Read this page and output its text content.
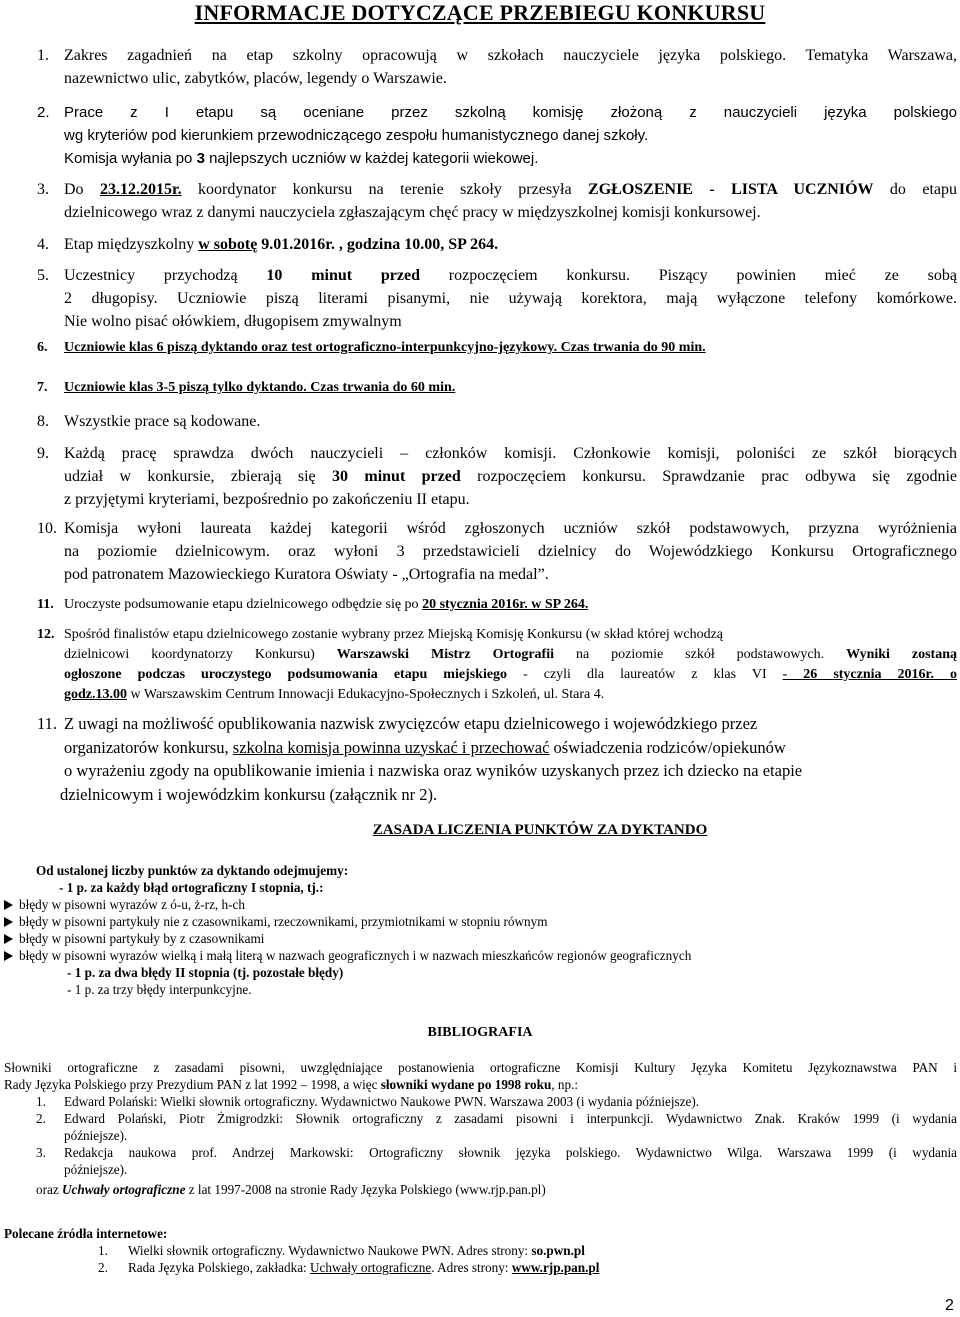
INFORMACJE DOTYCZĄCE PRZEBIEGU KONKURSU
1. Zakres zagadnień na etap szkolny opracowują w szkołach nauczyciele języka polskiego. Tematyka Warszawa,
nazewnictwo ulic, zabytków, placów, legendy o Warszawie.
2. Prace z I etapu są oceniane przez szkolną komisję złożoną z nauczycieli języka polskiego
wg kryteriów pod kierunkiem przewodniczącego zespołu humanistycznego danej szkoły.
Komisja wyłania po 3 najlepszych uczniów w każdej kategorii wiekowej.
3. Do 23.12.2015r. koordynator konkursu na terenie szkoły przesyła ZGŁOSZENIE - LISTA UCZNIÓW do etapu
dzielnicowego wraz z danymi nauczyciela zgłaszającym chęć pracy w międzyszkolnej komisji konkursowej.
4. Etap międzyszkolny w sobotę 9.01.2016r. , godzina 10.00, SP 264.
5. Uczestnicy przychodzą 10 minut przed rozpoczęciem konkursu. Piszący powinien mieć ze sobą
2 długopisy. Uczniowie piszą literami pisanymi, nie używają korektora, mają wyłączone telefony komórkowe.
Nie wolno pisać ołówkiem, długopisem zmywalnym
6. Uczniowie klas 6 piszą dyktando oraz test ortograficzno-interpunkcyjno-językowy. Czas trwania do 90 min.
7. Uczniowie klas 3-5 piszą tylko dyktando. Czas trwania do 60 min.
8. Wszystkie prace są kodowane.
9. Każdą pracę sprawdza dwóch nauczycieli – członków komisji. Członkowie komisji, poloniści ze szkół biorących
udział w konkursie, zbierają się 30 minut przed rozpoczęciem konkursu. Sprawdzanie prac odbywa się zgodnie
z przyjętymi kryteriami, bezpośrednio po zakończeniu II etapu.
10. Komisja wyłoni laureata każdej kategorii wśród zgłoszonych uczniów szkół podstawowych, przyzna wyróżnienia
na poziomie dzielnicowym. oraz wyłoni 3 przedstawicieli dzielnicy do Wojewódzkiego Konkursu Ortograficznego
pod patronatem Mazowieckiego Kuratora Oświaty - „Ortografia na medal”.
11. Uroczyste podsumowanie etapu dzielnicowego odbędzie się po 20 stycznia 2016r. w SP 264.
12. Spośród finalistów etapu dzielnicowego zostanie wybrany przez Miejską Komisję Konkursu (w skład której wchodzą
dzielnicowi koordynatorzy Konkursu) Warszawski Mistrz Ortografii na poziomie szkół podstawowych. Wyniki zostaną
ogłoszone podczas uroczystego podsumowania etapu miejskiego - czyli dla laureatów z klas VI - 26 stycznia 2016r. o
godz.13.00 w Warszawskim Centrum Innowacji Edukacyjno-Społecznych i Szkoleń, ul. Stara 4.
11. Z uwagi na możliwość opublikowania nazwisk zwycięzców etapu dzielnicowego i wojewódzkiego przez
organizatorów konkursu, szkolna komisja powinna uzyskać i przechować oświadczenia rodziców/opiekunów
o wyrażeniu zgody na opublikowanie imienia i nazwiska oraz wyników uzyskanych przez ich dziecko na etapie
dzielnicowym i wojewódzkim konkursu (załącznik nr 2).
ZASADA LICZENIA PUNKTÓW ZA DYKTANDO
Od ustalonej liczby punktów za dyktando odejmujemy:
- 1 p. za każdy błąd ortograficzny I stopnia, tj.:
błędy w pisowni wyrazów z ó-u, ż-rz, h-ch
błędy w pisowni partykuły nie z czasownikami, rzeczownikami, przymiotnikami w stopniu równym
błędy w pisowni partykuły by z czasownikami
błędy w pisowni wyrazów wielką i małą literą w nazwach geograficznych i w nazwach mieszkańców regionów geograficznych
- 1 p. za dwa błędy II stopnia (tj. pozostałe błędy)
- 1 p. za trzy błędy interpunkcyjne.
BIBLIOGRAFIA
Słowniki ortograficzne z zasadami pisowni, uwzględniające postanowienia ortograficzne Komisji Kultury Języka Komitetu Językoznawstwa PAN i
Rady Języka Polskiego przy Prezydium PAN z lat 1992 – 1998, a więc słowniki wydane po 1998 roku, np.:
1. Edward Polański: Wielki słownik ortograficzny. Wydawnictwo Naukowe PWN. Warszawa 2003 (i wydania późniejsze).
2. Edward Polański, Piotr Żmigrodzki: Słownik ortograficzny z zasadami pisowni i interpunkcji. Wydawnictwo Znak. Kraków 1999 (i wydania
późniejsze).
3. Redakcja naukowa prof. Andrzej Markowski: Ortograficzny słownik języka polskiego. Wydawnictwo Wilga. Warszawa 1999 (i wydania
późniejsze).
oraz Uchwały ortograficzne z lat 1997-2008 na stronie Rady Języka Polskiego (www.rjp.pan.pl)
Polecane źródła internetowe:
1. Wielki słownik ortograficzny. Wydawnictwo Naukowe PWN. Adres strony: so.pwn.pl
2. Rada Języka Polskiego, zakładka: Uchwały ortograficzne. Adres strony: www.rjp.pan.pl
2
